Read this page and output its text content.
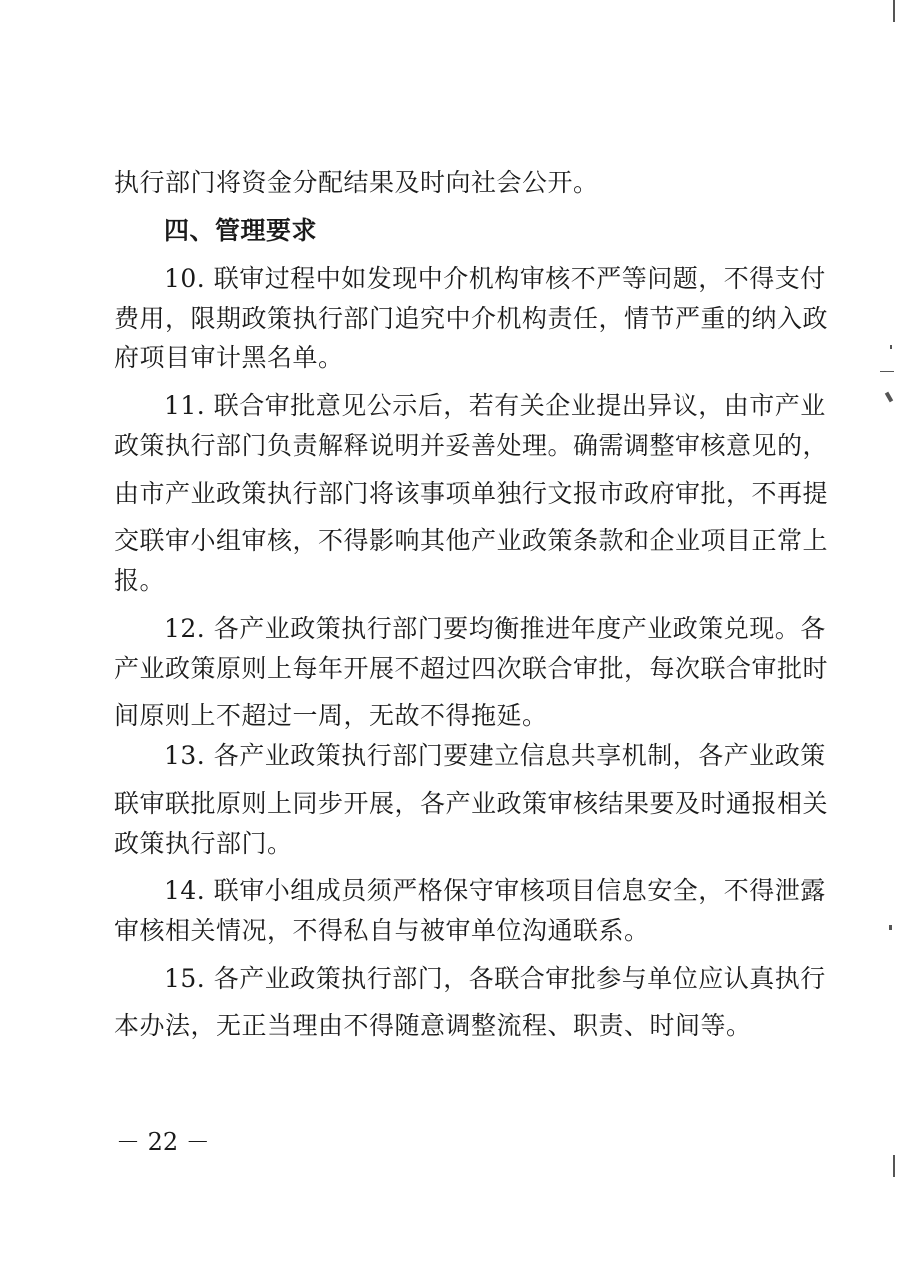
执行部门将资金分配结果及时向社会公开。
四、管理要求
10. 联审过程中如发现中介机构审核不严等问题，不得支付
费用，限期政策执行部门追究中介机构责任，情节严重的纳入政
府项目审计黑名单。
11. 联合审批意见公示后，若有关企业提出异议，由市产业
政策执行部门负责解释说明并妥善处理。确需调整审核意见的，
由市产业政策执行部门将该事项单独行文报市政府审批，不再提
交联审小组审核，不得影响其他产业政策条款和企业项目正常上
报。
12. 各产业政策执行部门要均衡推进年度产业政策兑现。各
产业政策原则上每年开展不超过四次联合审批，每次联合审批时
间原则上不超过一周，无故不得拖延。
13. 各产业政策执行部门要建立信息共享机制，各产业政策
联审联批原则上同步开展，各产业政策审核结果要及时通报相关
政策执行部门。
14. 联审小组成员须严格保守审核项目信息安全，不得泄露
审核相关情况，不得私自与被审单位沟通联系。
15. 各产业政策执行部门，各联合审批参与单位应认真执行
本办法，无正当理由不得随意调整流程、职责、时间等。
－ 22 －
